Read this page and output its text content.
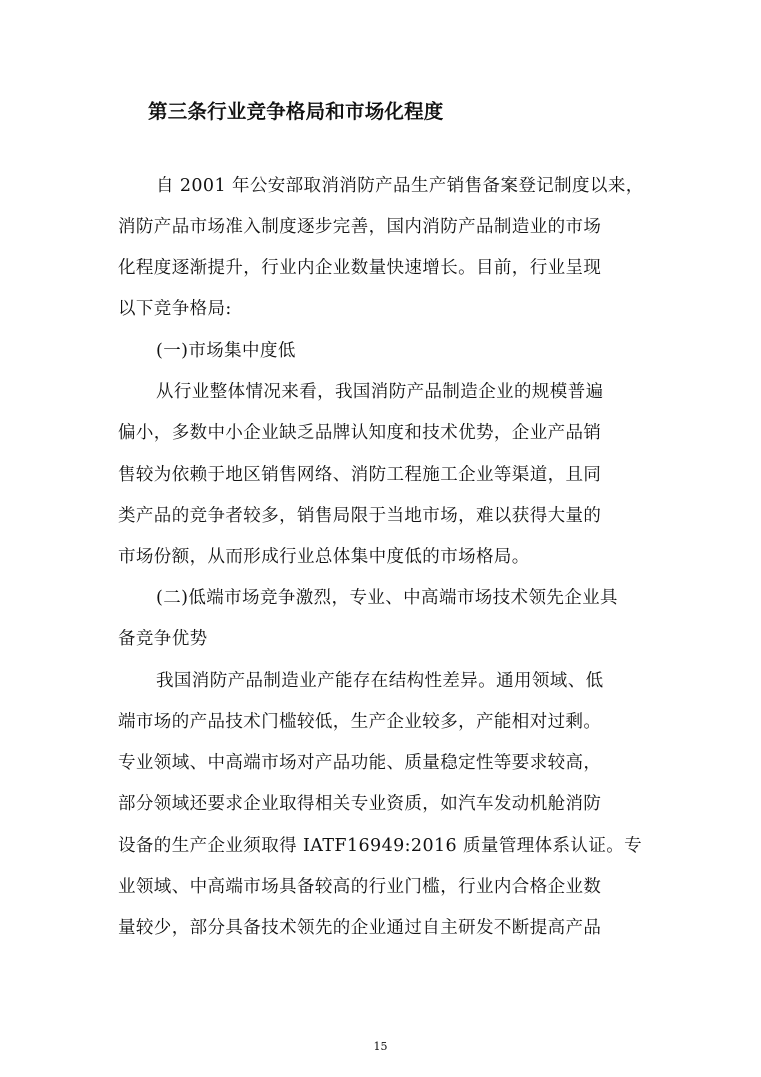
第三条行业竞争格局和市场化程度
自 2001 年公安部取消消防产品生产销售备案登记制度以来，
消防产品市场准入制度逐步完善，国内消防产品制造业的市场
化程度逐渐提升，行业内企业数量快速增长。目前，行业呈现
以下竞争格局:
(一)市场集中度低
从行业整体情况来看，我国消防产品制造企业的规模普遍
偏小，多数中小企业缺乏品牌认知度和技术优势，企业产品销
售较为依赖于地区销售网络、消防工程施工企业等渠道，且同
类产品的竞争者较多，销售局限于当地市场，难以获得大量的
市场份额，从而形成行业总体集中度低的市场格局。
(二)低端市场竞争激烈，专业、中高端市场技术领先企业具
备竞争优势
我国消防产品制造业产能存在结构性差异。通用领域、低
端市场的产品技术门槛较低，生产企业较多，产能相对过剩。
专业领域、中高端市场对产品功能、质量稳定性等要求较高，
部分领域还要求企业取得相关专业资质，如汽车发动机舱消防
设备的生产企业须取得 IATF16949:2016 质量管理体系认证。专
业领域、中高端市场具备较高的行业门槛，行业内合格企业数
量较少，部分具备技术领先的企业通过自主研发不断提高产品
15
